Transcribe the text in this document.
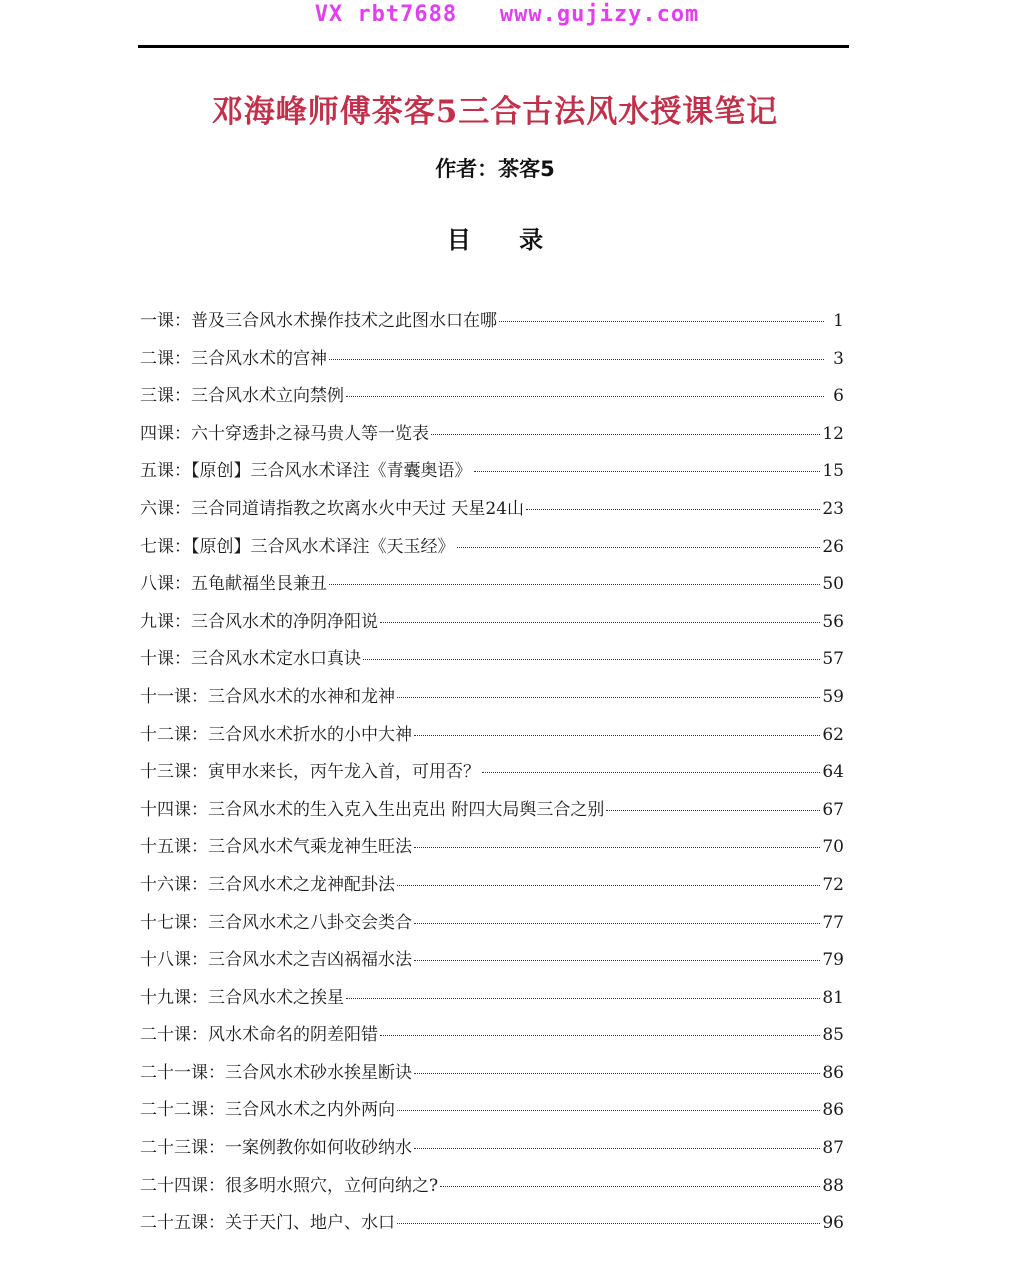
VX rbt7688   www.gujizy.com
邓海峰师傅茶客5三合古法风水授课笔记
作者：茶客5
目 录
一课：普及三合风水术操作技术之此图水口在哪	1
二课：三合风水术的宫神	3
三课：三合风水术立向禁例	6
四课：六十穿透卦之禄马贵人等一览表	12
五课：【原创】三合风水术译注《青囊奥语》	15
六课：三合同道请指教之坎离水火中天过 天星24山	23
七课：【原创】三合风水术译注《天玉经》	26
八课：五龟献福坐艮兼丑	50
九课：三合风水术的净阴净阳说	56
十课：三合风水术定水口真诀	57
十一课：三合风水术的水神和龙神	59
十二课：三合风水术折水的小中大神	62
十三课：寅甲水来长，丙午龙入首，可用否？	64
十四课：三合风水术的生入克入生出克出 附四大局舆三合之别	67
十五课：三合风水术气乘龙神生旺法	70
十六课：三合风水术之龙神配卦法	72
十七课：三合风水术之八卦交会类合	77
十八课：三合风水术之吉凶祸福水法	79
十九课：三合风水术之挨星	81
二十课：风水术命名的阴差阳错	85
二十一课：三合风水术砂水挨星断诀	86
二十二课：三合风水术之内外两向	86
二十三课：一案例教你如何收砂纳水	87
二十四课：很多明水照穴，立何向纳之?	88
二十五课：关于天门、地户、水口	96
